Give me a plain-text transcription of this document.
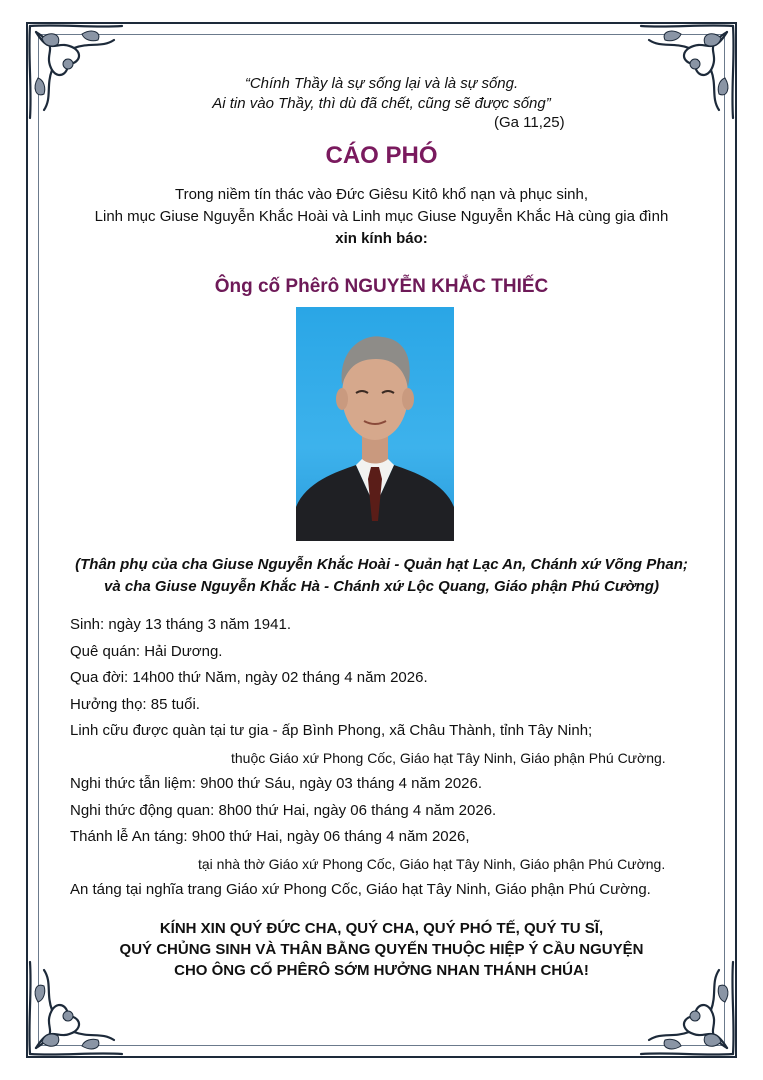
“Chính Thầy là sự sống lại và là sự sống.
Ai tin vào Thầy, thì dù đã chết, cũng sẽ được sống”
(Ga 11,25)
CÁO PHÓ
Trong niềm tín thác vào Đức Giêsu Kitô khổ nạn và phục sinh,
Linh mục Giuse Nguyễn Khắc Hoài và Linh mục Giuse Nguyễn Khắc Hà cùng gia đình
xin kính báo:
Ông cố Phêrô NGUYỄN KHẮC THIẾC
(Thân phụ của cha Giuse Nguyễn Khắc Hoài - Quản hạt Lạc An, Chánh xứ Võng Phan;
và cha Giuse Nguyễn Khắc Hà - Chánh xứ Lộc Quang, Giáo phận Phú Cường)
Sinh: ngày 13 tháng 3 năm 1941.
Quê quán: Hải Dương.
Qua đời: 14h00 thứ Năm, ngày 02 tháng 4 năm 2026.
Hưởng thọ: 85 tuổi.
Linh cữu được quàn tại tư gia - ấp Bình Phong, xã Châu Thành, tỉnh Tây Ninh;
thuộc Giáo xứ Phong Cốc, Giáo hạt Tây Ninh, Giáo phận Phú Cường.
Nghi thức tẫn liệm: 9h00 thứ Sáu, ngày 03 tháng 4 năm 2026.
Nghi thức động quan: 8h00 thứ Hai, ngày 06 tháng 4 năm 2026.
Thánh lễ An táng: 9h00 thứ Hai, ngày 06 tháng 4 năm 2026,
tại nhà thờ Giáo xứ Phong Cốc, Giáo hạt Tây Ninh, Giáo phận Phú Cường.
An táng tại nghĩa trang Giáo xứ Phong Cốc, Giáo hạt Tây Ninh, Giáo phận Phú Cường.
KÍNH XIN QUÝ ĐỨC CHA, QUÝ CHA, QUÝ PHÓ TẾ, QUÝ TU SĨ,
QUÝ CHỦNG SINH VÀ THÂN BẰNG QUYẾN THUỘC HIỆP Ý CẦU NGUYỆN
CHO ÔNG CỐ PHÊRÔ SỚM HƯỞNG NHAN THÁNH CHÚA!
